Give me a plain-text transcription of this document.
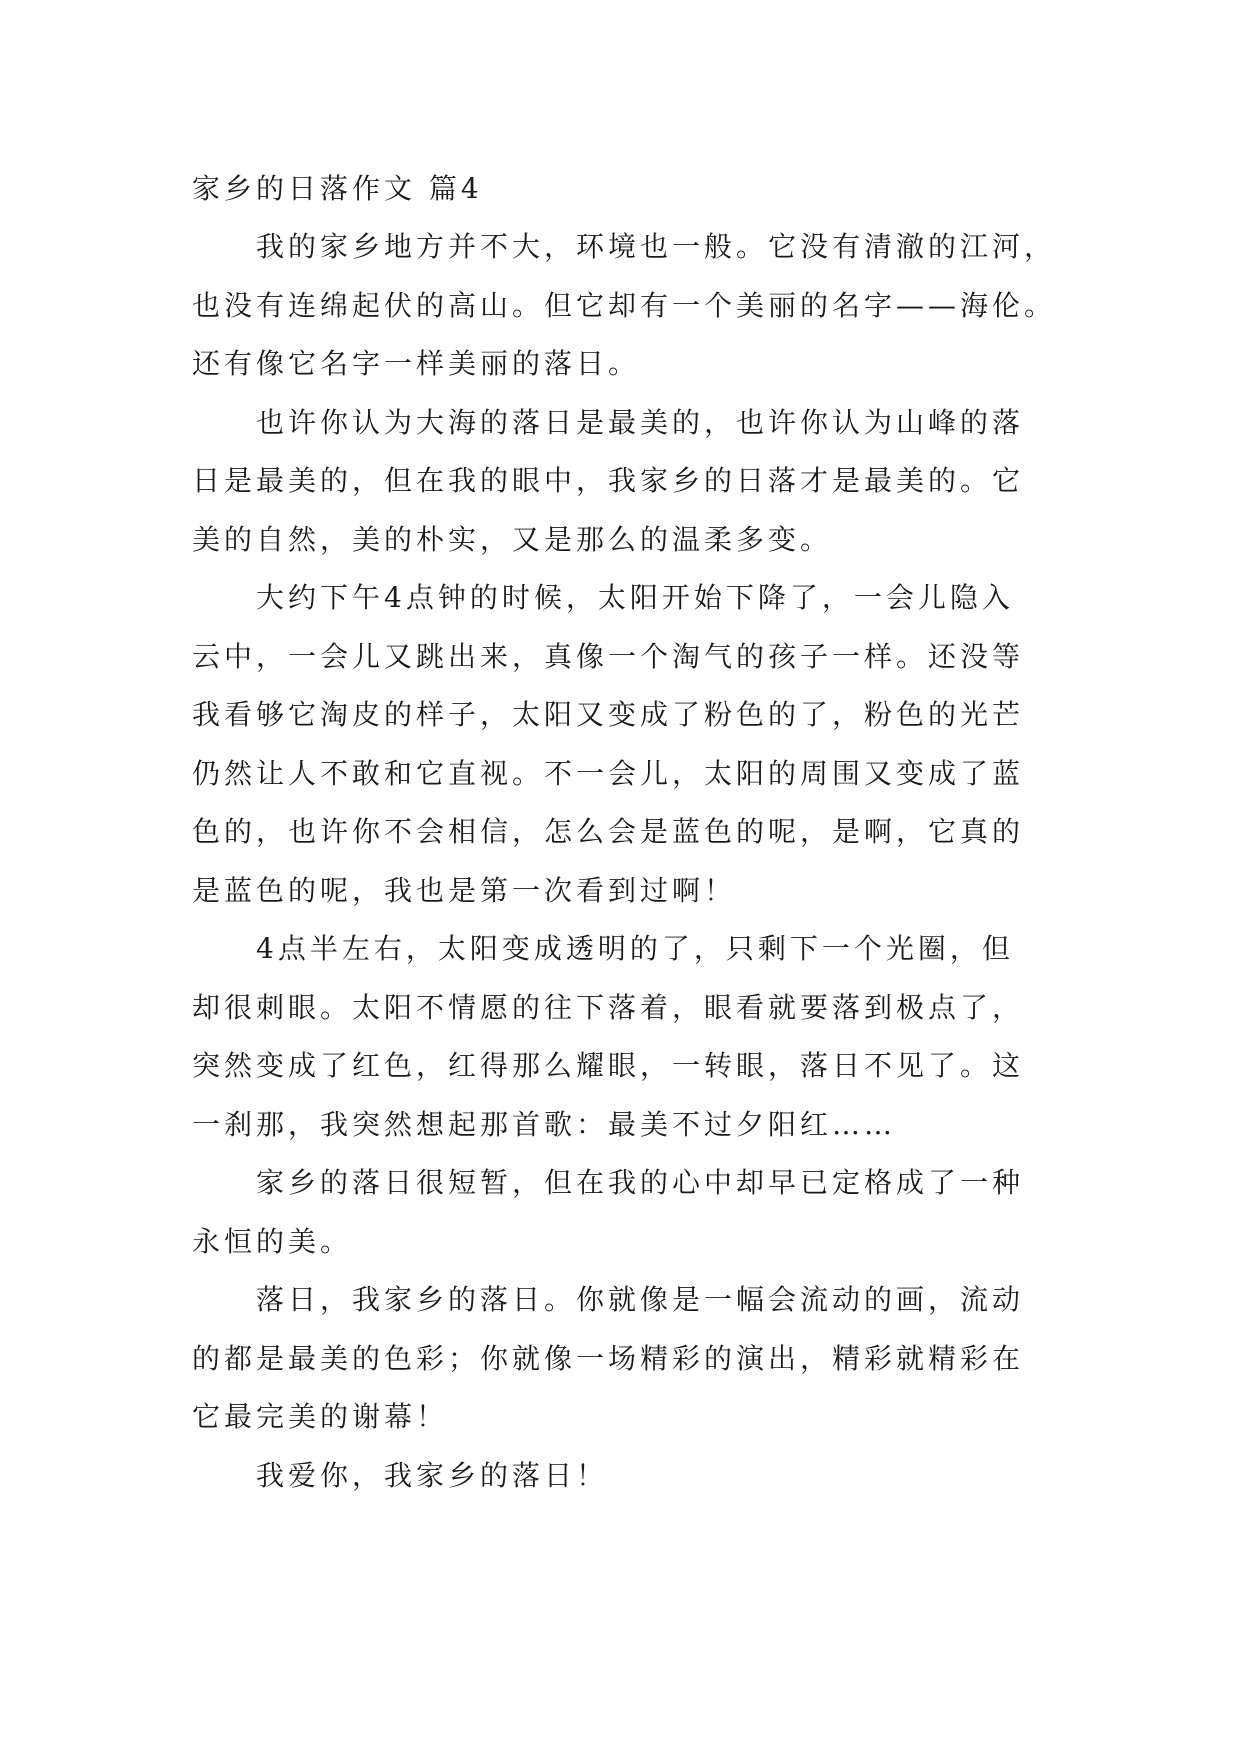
家乡的日落作文 篇4
我的家乡地方并不大，环境也一般。它没有清澈的江河，
也没有连绵起伏的高山。但它却有一个美丽的名字——海伦。
还有像它名字一样美丽的落日。
也许你认为大海的落日是最美的，也许你认为山峰的落
日是最美的，但在我的眼中，我家乡的日落才是最美的。它
美的自然，美的朴实，又是那么的温柔多变。
大约下午4点钟的时候，太阳开始下降了，一会儿隐入
云中，一会儿又跳出来，真像一个淘气的孩子一样。还没等
我看够它淘皮的样子，太阳又变成了粉色的了，粉色的光芒
仍然让人不敢和它直视。不一会儿，太阳的周围又变成了蓝
色的，也许你不会相信，怎么会是蓝色的呢，是啊，它真的
是蓝色的呢，我也是第一次看到过啊！
4点半左右，太阳变成透明的了，只剩下一个光圈，但
却很刺眼。太阳不情愿的往下落着，眼看就要落到极点了，
突然变成了红色，红得那么耀眼，一转眼，落日不见了。这
一刹那，我突然想起那首歌：最美不过夕阳红……
家乡的落日很短暂，但在我的心中却早已定格成了一种
永恒的美。
落日，我家乡的落日。你就像是一幅会流动的画，流动
的都是最美的色彩；你就像一场精彩的演出，精彩就精彩在
它最完美的谢幕！
我爱你，我家乡的落日！
